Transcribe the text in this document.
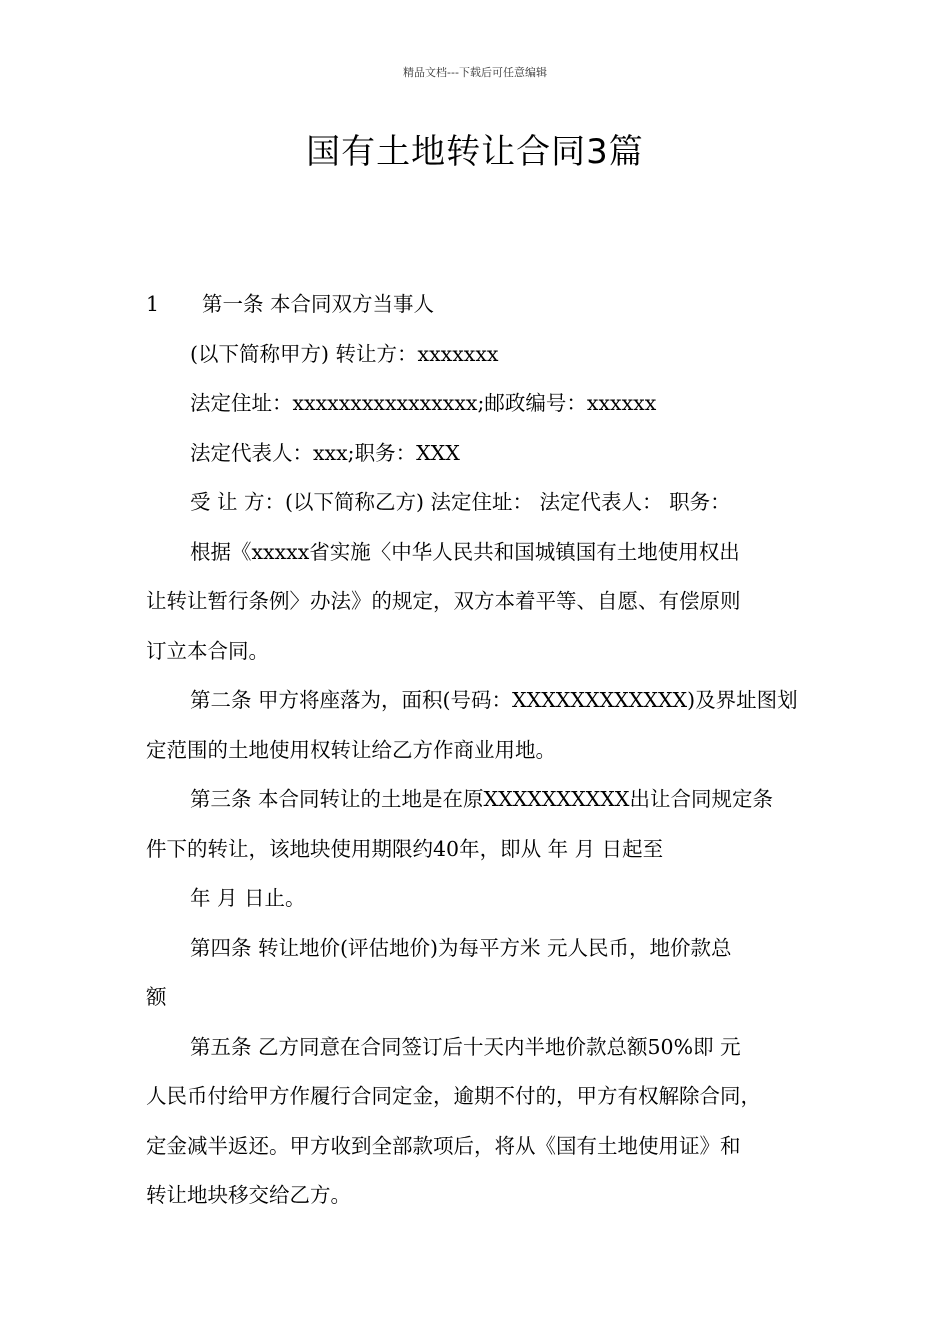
精品文档---下载后可任意编辑
国有土地转让合同3篇
1 第一条 本合同双方当事人
(以下简称甲方) 转让方：xxxxxxx
法定住址：xxxxxxxxxxxxxxxx;邮政编号：xxxxxx
法定代表人：xxx;职务：XXX
受 让 方：(以下简称乙方) 法定住址： 法定代表人： 职务：
根据《xxxxx省实施〈中华人民共和国城镇国有土地使用权出
让转让暂行条例〉办法》的规定，双方本着平等、自愿、有偿原则
订立本合同。
第二条 甲方将座落为，面积(号码：XXXXXXXXXXXX)及界址图划
定范围的土地使用权转让给乙方作商业用地。
第三条 本合同转让的土地是在原XXXXXXXXXX出让合同规定条
件下的转让，该地块使用期限约40年，即从 年 月 日起至
年 月 日止。
第四条 转让地价(评估地价)为每平方米 元人民币，地价款总
额
第五条 乙方同意在合同签订后十天内半地价款总额50%即 元
人民币付给甲方作履行合同定金，逾期不付的，甲方有权解除合同，
定金减半返还。甲方收到全部款项后，将从《国有土地使用证》和
转让地块移交给乙方。
